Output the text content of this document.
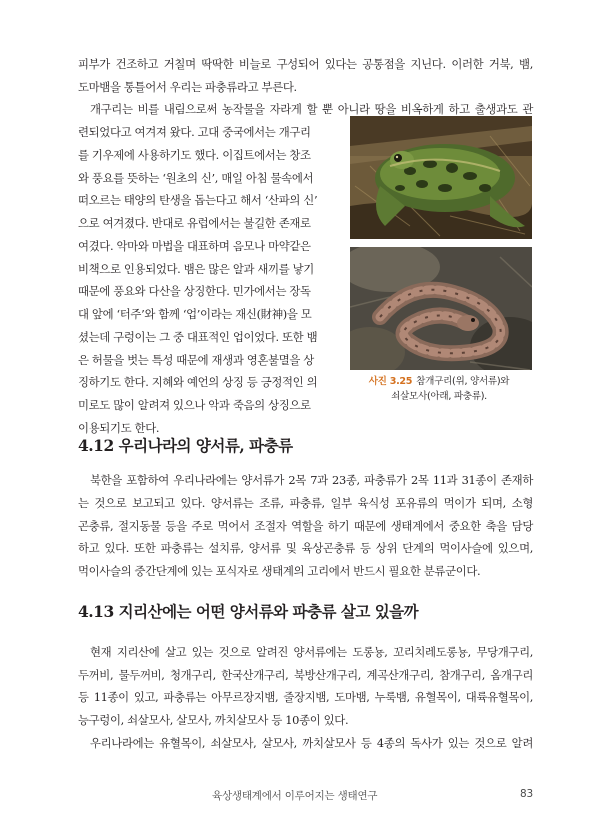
피부가 건조하고 거칠며 딱딱한 비늘로 구성되어 있다는 공통점을 지닌다. 이러한 거북, 뱀,
도마뱀을 통틀어서 우리는 파충류라고 부른다.
개구리는 비를 내림으로써 농작물을 자라게 할 뿐 아니라 땅을 비옥하게 하고 출생과도 관
련되었다고 여겨져 왔다. 고대 중국에서는 개구리
를 기우제에 사용하기도 했다. 이집트에서는 창조
와 풍요를 뜻하는 ‘원초의 신’, 매일 아침 물속에서
떠오르는 태양의 탄생을 돕는다고 해서 ‘산파의 신’
으로 여겨졌다. 반대로 유럽에서는 불길한 존재로
여겼다. 악마와 마법을 대표하며 음모나 마약같은
비책으로 인용되었다. 뱀은 많은 알과 새끼를 낳기
때문에 풍요와 다산을 상징한다. 민가에서는 장독
대 앞에 ‘터주’와 함께 ‘업’이라는 재신(財神)을 모
셨는데 구렁이는 그 중 대표적인 업이었다. 또한 뱀
은 허물을 벗는 특성 때문에 재생과 영혼불멸을 상
징하기도 한다. 지혜와 예언의 상징 등 긍정적인 의
미로도 많이 알려져 있으나 악과 죽음의 상징으로
이용되기도 한다.
사진 3.25 참개구리(위, 양서류)와
쇠살모사(아래, 파충류).
4.12 우리나라의 양서류, 파충류
북한을 포함하여 우리나라에는 양서류가 2목 7과 23종, 파충류가 2목 11과 31종이 존재하
는 것으로 보고되고 있다. 양서류는 조류, 파충류, 일부 육식성 포유류의 먹이가 되며, 소형
곤충류, 절지동물 등을 주로 먹어서 조절자 역할을 하기 때문에 생태계에서 중요한 축을 담당
하고 있다. 또한 파충류는 설치류, 양서류 및 육상곤충류 등 상위 단계의 먹이사슬에 있으며,
먹이사슬의 중간단계에 있는 포식자로 생태계의 고리에서 반드시 필요한 분류군이다.
4.13 지리산에는 어떤 양서류와 파충류 살고 있을까
현재 지리산에 살고 있는 것으로 알려진 양서류에는 도롱뇽, 꼬리치레도롱뇽, 무당개구리,
두꺼비, 물두꺼비, 청개구리, 한국산개구리, 북방산개구리, 계곡산개구리, 참개구리, 옴개구리
등 11종이 있고, 파충류는 아무르장지뱀, 줄장지뱀, 도마뱀, 누룩뱀, 유혈목이, 대륙유혈목이,
능구렁이, 쇠살모사, 살모사, 까치살모사 등 10종이 있다.
우리나라에는 유혈목이, 쇠살모사, 살모사, 까치살모사 등 4종의 독사가 있는 것으로 알려
육상생태계에서 이루어지는 생태연구	83
